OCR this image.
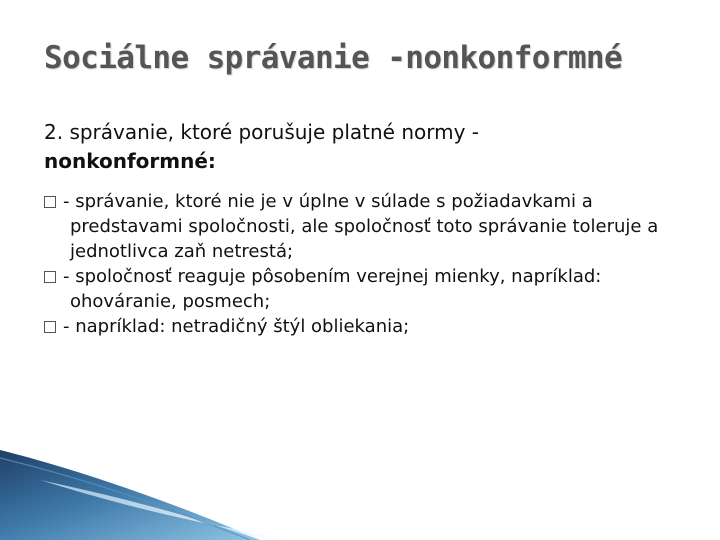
Sociálne správanie -nonkonformné
2. správanie, ktoré porušuje platné normy -
nonkonformné:
- správanie, ktoré nie je v úplne v súlade s požiadavkami a predstavami spoločnosti, ale spoločnosť toto správanie toleruje a jednotlivca zaň netrestá;
- spoločnosť reaguje pôsobením verejnej mienky, napríklad: ohováranie, posmech;
- napríklad: netradičný štýl obliekania;
